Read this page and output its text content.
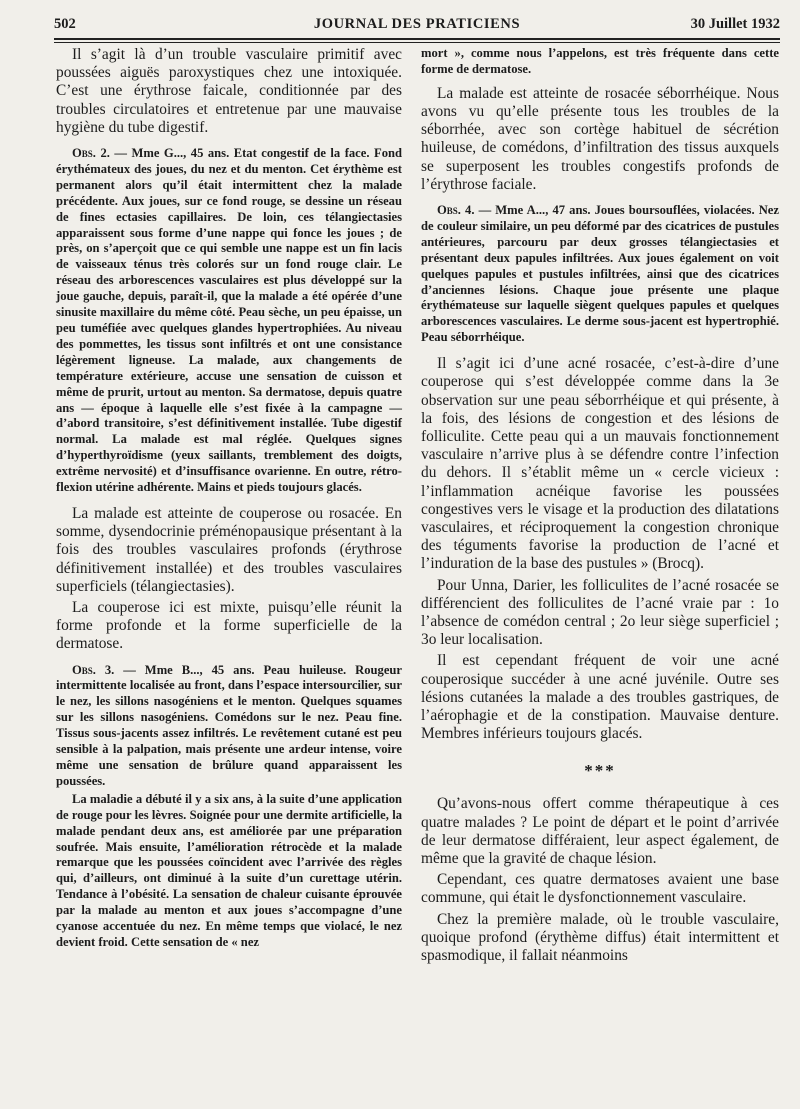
502	JOURNAL DES PRATICIENS	30 Juillet 1932

Il s’agit là d’un trouble vasculaire primitif avec poussées aiguës paroxystiques chez une intoxiquée. C’est une érythrose faicale, conditionnée par des troubles circulatoires et entretenue par une mauvaise hygiène du tube digestif.

Obs. 2. — Mme G..., 45 ans. Etat congestif de la face. Fond érythémateux des joues, du nez et du menton. Cet érythème est permanent alors qu’il était intermittent chez la malade précédente. Aux joues, sur ce fond rouge, se dessine un réseau de fines ectasies capillaires. De loin, ces télangiectasies apparaissent sous forme d’une nappe qui fonce les joues ; de près, on s’aperçoit que ce qui semble une nappe est un fin lacis de vaisseaux ténus très colorés sur un fond rouge clair. Le réseau des arborescences vasculaires est plus développé sur la joue gauche, depuis, paraît-il, que la malade a été opérée d’une sinusite maxillaire du même côté. Peau sèche, un peu épaisse, un peu tuméfiée avec quelques glandes hypertrophiées. Au niveau des pommettes, les tissus sont infiltrés et ont une consistance légèrement ligneuse. La malade, aux changements de température extérieure, accuse une sensation de cuisson et même de prurit, urtout au menton. Sa dermatose, depuis quatre ans — époque à laquelle elle s’est fixée à la campagne — d’abord transitoire, s’est définitivement installée. Tube digestif normal. La malade est mal réglée. Quelques signes d’hyperthyroïdisme (yeux saillants, tremblement des doigts, extrême nervosité) et d’insuffisance ovarienne. En outre, rétro-flexion utérine adhérente. Mains et pieds toujours glacés.

La malade est atteinte de couperose ou rosacée. En somme, dysendocrinie préménopausique présentant à la fois des troubles vasculaires profonds (érythrose définitivement installée) et des troubles vasculaires superficiels (télangiectasies).

La couperose ici est mixte, puisqu’elle réunit la forme profonde et la forme superficielle de la dermatose.

Obs. 3. — Mme B..., 45 ans. Peau huileuse. Rougeur intermittente localisée au front, dans l’espace intersourcilier, sur le nez, les sillons nasogéniens et le menton. Quelques squames sur les sillons nasogéniens. Comédons sur le nez. Peau fine. Tissus sous-jacents assez infiltrés. Le revêtement cutané est peu sensible à la palpation, mais présente une ardeur intense, voire même une sensation de brûlure quand apparaissent les poussées.

La maladie a débuté il y a six ans, à la suite d’une application de rouge pour les lèvres. Soignée pour une dermite artificielle, la malade pendant deux ans, est améliorée par une préparation soufrée. Mais ensuite, l’amélioration rétrocède et la malade remarque que les poussées coïncident avec l’arrivée des règles qui, d’ailleurs, ont diminué à la suite d’un curettage utérin. Tendance à l’obésité. La sensation de chaleur cuisante éprouvée par la malade au menton et aux joues s’accompagne d’une cyanose accentuée du nez. En même temps que violacé, le nez devient froid. Cette sensation de « nez

mort », comme nous l’appelons, est très fréquente dans cette forme de dermatose.

La malade est atteinte de rosacée séborrhéique. Nous avons vu qu’elle présente tous les troubles de la séborrhée, avec son cortège habituel de sécrétion huileuse, de comédons, d’infiltration des tissus auxquels se superposent les troubles congestifs profonds de l’érythrose faciale.

Obs. 4. — Mme A..., 47 ans. Joues boursouflées, violacées. Nez de couleur similaire, un peu déformé par des cicatrices de pustules antérieures, parcouru par deux grosses télangiectasies et présentant deux papules infiltrées. Aux joues également on voit quelques papules et pustules infiltrées, ainsi que des cicatrices d’anciennes lésions. Chaque joue présente une plaque érythémateuse sur laquelle siègent quelques papules et quelques arborescences vasculaires. Le derme sous-jacent est hypertrophié. Peau séborrhéique.

Il s’agit ici d’une acné rosacée, c’est-à-dire d’une couperose qui s’est développée comme dans la 3e observation sur une peau séborrhéique et qui présente, à la fois, des lésions de congestion et des lésions de folliculite. Cette peau qui a un mauvais fonctionnement vasculaire n’arrive plus à se défendre contre l’infection du dehors. Il s’établit même un « cercle vicieux : l’inflammation acnéique favorise les poussées congestives vers le visage et la production des dilatations vasculaires, et réciproquement la congestion chronique des téguments favorise la production de l’acné et l’induration de la base des pustules » (Brocq).

Pour Unna, Darier, les folliculites de l’acné rosacée se différencient des folliculites de l’acné vraie par : 1o l’absence de comédon central ; 2o leur siège superficiel ; 3o leur localisation.

Il est cependant fréquent de voir une acné couperosique succéder à une acné juvénile. Outre ses lésions cutanées la malade a des troubles gastriques, de l’aérophagie et de la constipation. Mauvaise denture. Membres inférieurs toujours glacés.

***

Qu’avons-nous offert comme thérapeutique à ces quatre malades ? Le point de départ et le point d’arrivée de leur dermatose différaient, leur aspect également, de même que la gravité de chaque lésion.

Cependant, ces quatre dermatoses avaient une base commune, qui était le dysfonctionnement vasculaire.

Chez la première malade, où le trouble vasculaire, quoique profond (érythème diffus) était intermittent et spasmodique, il fallait néanmoins
